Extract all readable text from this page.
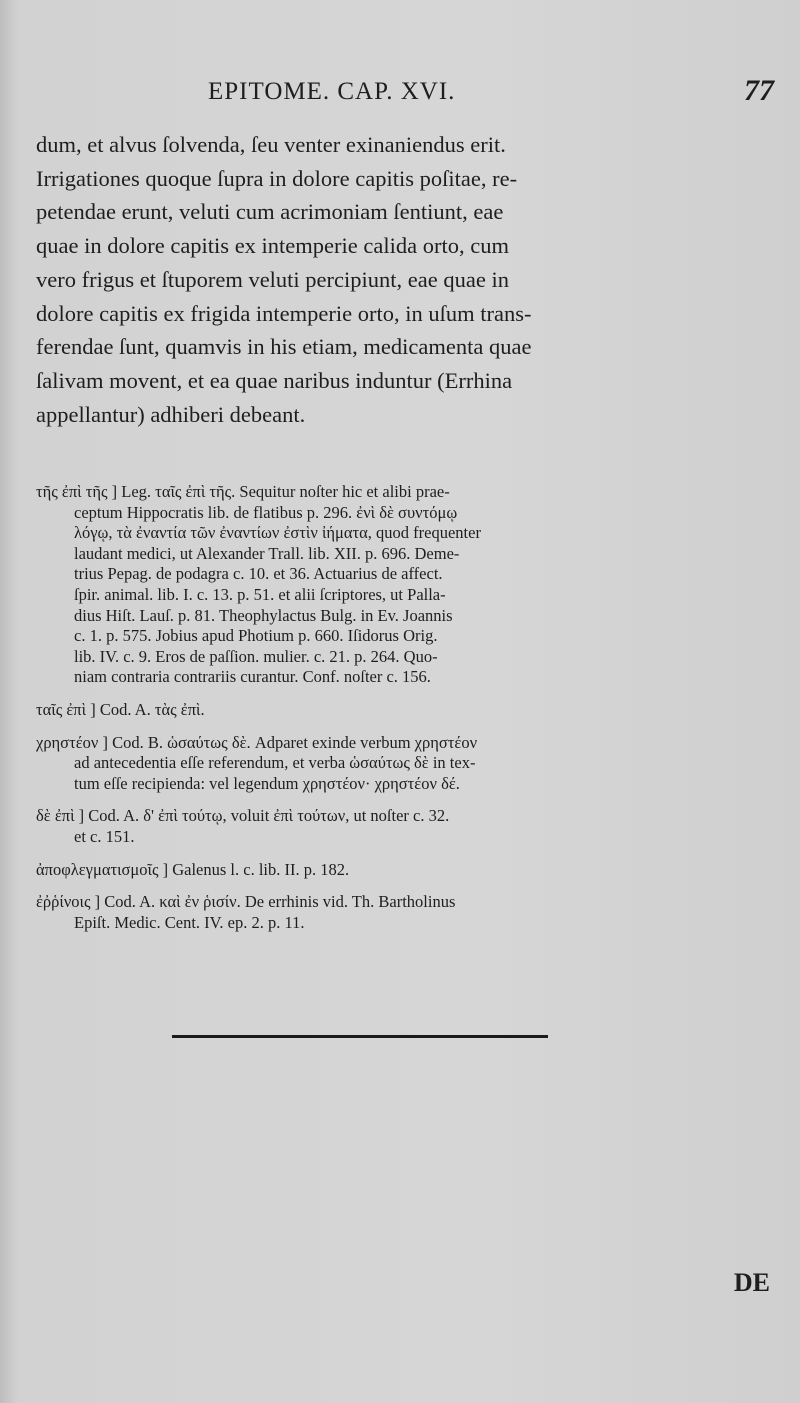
EPITOME. CAP. XVI.	77
dum, et alvus ſolvenda, ſeu venter exinaniendus erit.
Irrigationes quoque ſupra in dolore capitis poſitae, re-
petendae erunt, veluti cum acrimoniam ſentiunt, eae
quae in dolore capitis ex intemperie calida orto, cum
vero frigus et ſtuporem veluti percipiunt, eae quae in
dolore capitis ex frigida intemperie orto, in uſum trans-
ferendae ſunt, quamvis in his etiam, medicamenta quae
ſalivam movent, et ea quae naribus induntur (Errhina
appellantur) adhiberi debeant.
τῆς ἐπὶ τῆς ] Leg. ταῖς ἐπὶ τῆς. Sequitur noſter hic et alibi prae-
ceptum Hippocratis lib. de flatibus p. 296. ἐνὶ δὲ συντόμῳ
λόγῳ, τὰ ἐναντία τῶν ἐναντίων ἐστὶν ἰήματα, quod frequenter
laudant medici, ut Alexander Trall. lib. XII. p. 696. Deme-
trius Pepag. de podagra c. 10. et 36. Actuarius de affect.
ſpir. animal. lib. I. c. 13. p. 51. et alii ſcriptores, ut Palla-
dius Hiſt. Lauſ. p. 81. Theophylactus Bulg. in Ev. Joannis
c. 1. p. 575. Jobius apud Photium p. 660. Iſidorus Orig.
lib. IV. c. 9. Eros de paſſion. mulier. c. 21. p. 264. Quo-
niam contraria contrariis curantur. Conf. noſter c. 156.
ταῖς ἐπὶ ] Cod. A. τὰς ἐπὶ.
χρηστέον ] Cod. B. ὡσαύτως δὲ. Adparet exinde verbum χρηστέον
ad antecedentia eſſe referendum, et verba ὡσαύτως δὲ in tex-
tum eſſe recipienda: vel legendum χρηστέον· χρηστέον δέ.
δὲ ἐπὶ ] Cod. A. δ' ἐπὶ τούτῳ, voluit ἐπὶ τούτων, ut noſter c. 32.
et c. 151.
ἀποφλεγματισμοῖς ] Galenus l. c. lib. II. p. 182.
ἐῤῥίνοις ] Cod. A. καὶ ἐν ῥισίν. De errhinis vid. Th. Bartholinus
Epiſt. Medic. Cent. IV. ep. 2. p. 11.
DE
